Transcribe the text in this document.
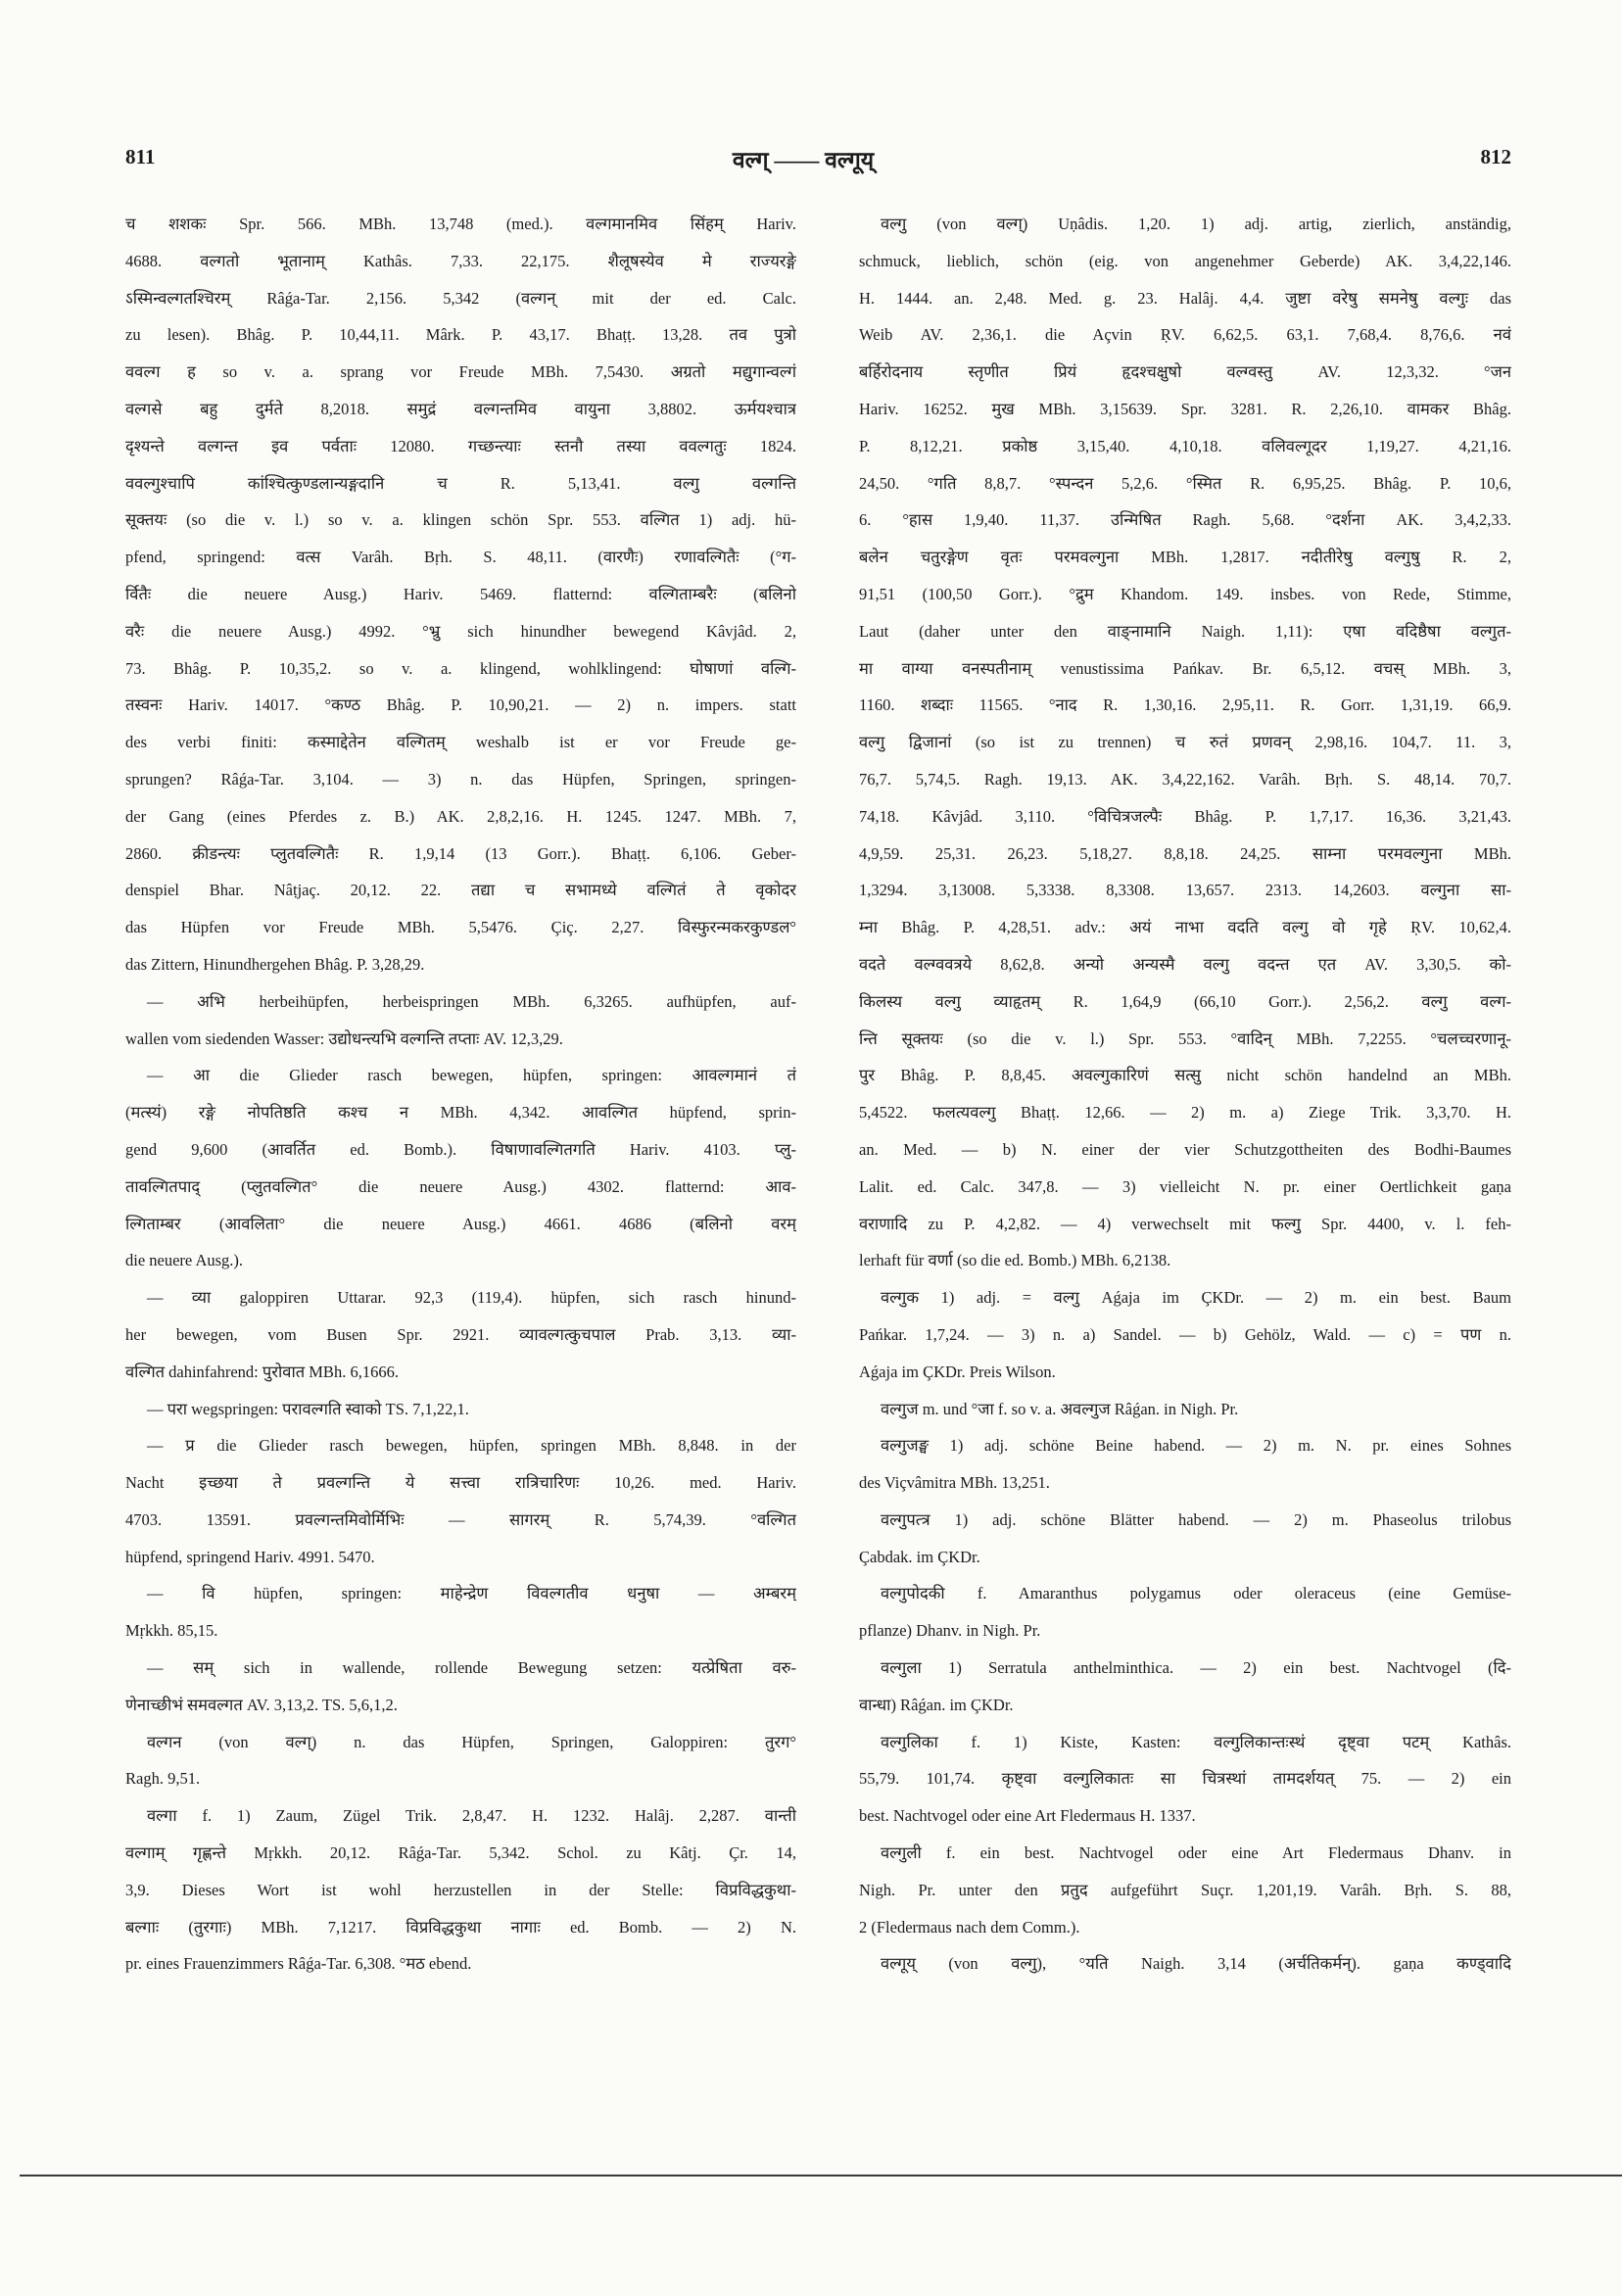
811	वल्ग् —— वल्गूय्	812
च शशकः Spr. 566. MBh. 13,748 (med.). वल्गमानमिव सिंहम् Hariv.
4688. वल्गतो भूतानाम् Kathâs. 7,33. 22,175. शैलूषस्येव मे राज्यरङ्गे
ऽस्मिन्वल्गतश्चिरम् Râǵa-Tar. 2,156. 5,342 (वल्गन् mit der ed. Calc.
zu lesen). Bhâg. P. 10,44,11. Mârk. P. 43,17. Bhaṭṭ. 13,28. तव पुत्रो
ववल्ग ह so v. a. sprang vor Freude MBh. 7,5430. अग्रतो मद्युगान्वल्गं
वल्गसे बहु दुर्मते 8,2018. समुद्रं वल्गन्तमिव वायुना 3,8802. ऊर्मयश्चात्र
दृश्यन्ते वल्गन्त इव पर्वताः 12080. गच्छन्त्याः स्तनौ तस्या ववल्गतुः 1824.
ववल्गुश्चापि कांश्चित्कुण्डलान्यङ्गदानि च R. 5,13,41. वल्गु वल्गन्ति
सूक्तयः (so die v. l.) so v. a. klingen schön Spr. 553. वल्गित 1) adj. hü-
pfend, springend: वत्स Varâh. Bṛh. S. 48,11. (वारणैः) रणावल्गितैः (°ग-
र्वितैः die neuere Ausg.) Hariv. 5469. flatternd: वल्गिताम्बरैः (बलिनो
वरैः die neuere Ausg.) 4992. °भ्रु sich hinundher bewegend Kâvjâd. 2,
73. Bhâg. P. 10,35,2. so v. a. klingend, wohlklingend: घोषाणां वल्गि-
तस्वनः Hariv. 14017. °कण्ठ Bhâg. P. 10,90,21. — 2) n. impers. statt
des verbi finiti: कस्माद्देतेन वल्गितम् weshalb ist er vor Freude ge-
sprungen? Râǵa-Tar. 3,104. — 3) n. das Hüpfen, Springen, springen-
der Gang (eines Pferdes z. B.) AK. 2,8,2,16. H. 1245. 1247. MBh. 7,
2860. क्रीडन्त्यः प्लुतवल्गितैः R. 1,9,14 (13 Gorr.). Bhaṭṭ. 6,106. Geber-
denspiel Bhar. Nâṭjaç. 20,12. 22. तद्या च सभामध्ये वल्गितं ते वृकोदर
das Hüpfen vor Freude MBh. 5,5476. Çiç. 2,27. विस्फुरन्मकरकुण्डल°
das Zittern, Hinundhergehen Bhâg. P. 3,28,29.
— अभि herbeihüpfen, herbeispringen MBh. 6,3265. aufhüpfen, auf-
wallen vom siedenden Wasser: उद्योधन्त्यभि वल्गन्ति तप्ताः AV. 12,3,29.
— आ die Glieder rasch bewegen, hüpfen, springen: आवल्गमानं तं
(मत्स्यं) रङ्गे नोपतिष्ठति कश्च न MBh. 4,342. आवल्गित hüpfend, sprin-
gend 9,600 (आवर्तित ed. Bomb.). विषाणावल्गितगति Hariv. 4103. प्लु-
तावल्गितपाद् (प्लुतवल्गित° die neuere Ausg.) 4302. flatternd: आव-
ल्गिताम्बर (आवलिता° die neuere Ausg.) 4661. 4686 (बलिनो वरम्
die neuere Ausg.).
— व्या galoppiren Uttarar. 92,3 (119,4). hüpfen, sich rasch hinund-
her bewegen, vom Busen Spr. 2921. व्यावल्गत्कुचपाल Prab. 3,13. व्या-
वल्गित dahinfahrend: पुरोवात MBh. 6,1666.
— परा wegspringen: परावल्गति स्वाको TS. 7,1,22,1.
— प्र die Glieder rasch bewegen, hüpfen, springen MBh. 8,848. in der
Nacht इच्छया ते प्रवल्गन्ति ये सत्त्वा रात्रिचारिणः 10,26. med. Hariv.
4703. 13591. प्रवल्गन्तमिवोर्मिभिः — सागरम् R. 5,74,39. °वल्गित
hüpfend, springend Hariv. 4991. 5470.
— वि hüpfen, springen: माहेन्द्रेण विवल्गतीव धनुषा — अम्बरम्
Mṛkkh. 85,15.
— सम् sich in wallende, rollende Bewegung setzen: यत्प्रेषिता वरु-
णेनाच्छीभं समवल्गत AV. 3,13,2. TS. 5,6,1,2.
वल्गन (von वल्ग्) n. das Hüpfen, Springen, Galoppiren: तुरग°
Ragh. 9,51.
वल्गा f. 1) Zaum, Zügel Trik. 2,8,47. H. 1232. Halâj. 2,287. वान्ती
वल्गाम् गृह्णन्ते Mṛkkh. 20,12. Râǵa-Tar. 5,342. Schol. zu Kâtj. Çr. 14,
3,9. Dieses Wort ist wohl herzustellen in der Stelle: विप्रविद्धकुथा-
बल्गाः (तुरगाः) MBh. 7,1217. विप्रविद्धकुथा नागाः ed. Bomb. — 2) N.
pr. eines Frauenzimmers Râǵa-Tar. 6,308. °मठ ebend.
वल्गु (von वल्ग्) Uṇâdis. 1,20. 1) adj. artig, zierlich, anständig,
schmuck, lieblich, schön (eig. von angenehmer Geberde) AK. 3,4,22,146.
H. 1444. an. 2,48. Med. g. 23. Halâj. 4,4. जुष्टा वरेषु समनेषु वल्गुः das
Weib AV. 2,36,1. die Açvin ṚV. 6,62,5. 63,1. 7,68,4. 8,76,6. नवं
बर्हिरोदनाय स्तृणीत प्रियं हृदश्चक्षुषो वल्ग्वस्तु AV. 12,3,32. °जन
Hariv. 16252. मुख MBh. 3,15639. Spr. 3281. R. 2,26,10. वामकर Bhâg.
P. 8,12,21. प्रकोष्ठ 3,15,40. 4,10,18. वलिवल्गूदर 1,19,27. 4,21,16.
24,50. °गति 8,8,7. °स्पन्दन 5,2,6. °स्मित R. 6,95,25. Bhâg. P. 10,6,
6. °हास 1,9,40. 11,37. उन्मिषित Ragh. 5,68. °दर्शना AK. 3,4,2,33.
बलेन चतुरङ्गेण वृतः परमवल्गुना MBh. 1,2817. नदीतीरेषु वल्गुषु R. 2,
91,51 (100,50 Gorr.). °द्रुम Khandom. 149. insbes. von Rede, Stimme,
Laut (daher unter den वाङ्नामानि Naigh. 1,11): एषा वदिष्ठैषा वल्गुत-
मा वाग्या वनस्पतीनाम् venustissima Pańkav. Br. 6,5,12. वचस् MBh. 3,
1160. शब्दाः 11565. °नाद R. 1,30,16. 2,95,11. R. Gorr. 1,31,19. 66,9.
वल्गु द्विजानां (so ist zu trennen) च रुतं प्रणवन् 2,98,16. 104,7. 11. 3,
76,7. 5,74,5. Ragh. 19,13. AK. 3,4,22,162. Varâh. Bṛh. S. 48,14. 70,7.
74,18. Kâvjâd. 3,110. °विचित्रजल्पैः Bhâg. P. 1,7,17. 16,36. 3,21,43.
4,9,59. 25,31. 26,23. 5,18,27. 8,8,18. 24,25. साम्ना परमवल्गुना MBh.
1,3294. 3,13008. 5,3338. 8,3308. 13,657. 2313. 14,2603. वल्गुना सा-
म्ना Bhâg. P. 4,28,51. adv.: अयं नाभा वदति वल्गु वो गृहे ṚV. 10,62,4.
वदते वल्ग्ववत्रये 8,62,8. अन्यो अन्यस्मै वल्गु वदन्त एत AV. 3,30,5. को-
किलस्य वल्गु व्याहृतम् R. 1,64,9 (66,10 Gorr.). 2,56,2. वल्गु वल्ग-
न्ति सूक्तयः (so die v. l.) Spr. 553. °वादिन् MBh. 7,2255. °चलच्चरणानू-
पुर Bhâg. P. 8,8,45. अवल्गुकारिणं सत्सु nicht schön handelnd an MBh.
5,4522. फलत्यवल्गु Bhaṭṭ. 12,66. — 2) m. a) Ziege Trik. 3,3,70. H.
an. Med. — b) N. einer der vier Schutzgottheiten des Bodhi-Baumes
Lalit. ed. Calc. 347,8. — 3) vielleicht N. pr. einer Oertlichkeit gaṇa
वराणादि zu P. 4,2,82. — 4) verwechselt mit फल्गु Spr. 4400, v. l. feh-
lerhaft für वर्णा (so die ed. Bomb.) MBh. 6,2138.
वल्गुक 1) adj. = वल्गु Aǵaja im ÇKDr. — 2) m. ein best. Baum
Pańkar. 1,7,24. — 3) n. a) Sandel. — b) Gehölz, Wald. — c) = पण n.
Aǵaja im ÇKDr. Preis Wilson.
वल्गुज m. und °जा f. so v. a. अवल्गुज Râǵan. in Nigh. Pr.
वल्गुजङ्घ 1) adj. schöne Beine habend. — 2) m. N. pr. eines Sohnes
des Viçvâmitra MBh. 13,251.
वल्गुपत्त्र 1) adj. schöne Blätter habend. — 2) m. Phaseolus trilobus
Çabdak. im ÇKDr.
वल्गुपोदकी f. Amaranthus polygamus oder oleraceus (eine Gemüse-
pflanze) Dhanv. in Nigh. Pr.
वल्गुला 1) Serratula anthelminthica. — 2) ein best. Nachtvogel (दि-
वान्धा) Râǵan. im ÇKDr.
वल्गुलिका f. 1) Kiste, Kasten: वल्गुलिकान्तःस्थं दृष्ट्वा पटम् Kathâs.
55,79. 101,74. कृष्ट्वा वल्गुलिकातः सा चित्रस्थां तामदर्शयत् 75. — 2) ein
best. Nachtvogel oder eine Art Fledermaus H. 1337.
वल्गुली f. ein best. Nachtvogel oder eine Art Fledermaus Dhanv. in
Nigh. Pr. unter den प्रतुद aufgeführt Suçr. 1,201,19. Varâh. Bṛh. S. 88,
2 (Fledermaus nach dem Comm.).
वल्गूय् (von वल्गु), °यति Naigh. 3,14 (अर्चतिकर्मन्). gaṇa कण्ड्वादि
